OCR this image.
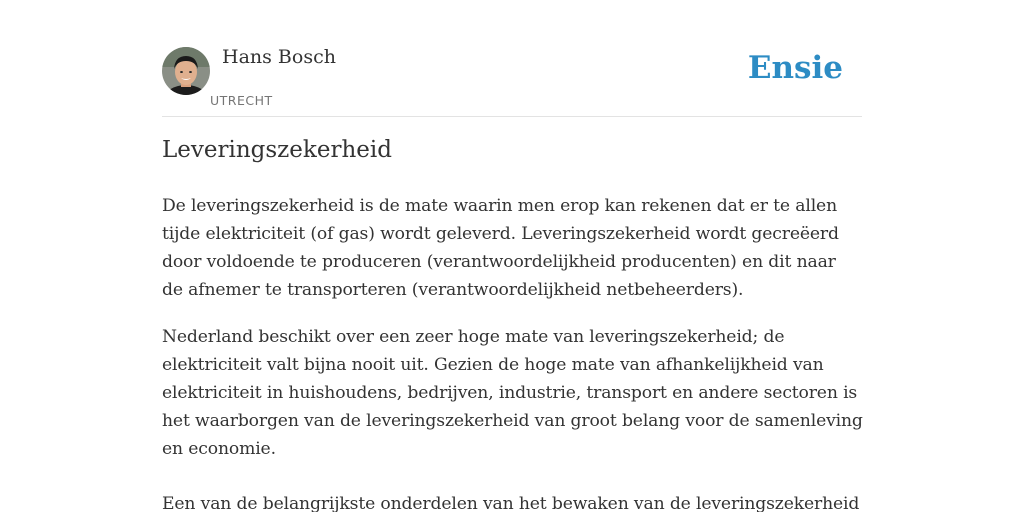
Hans Bosch
UTRECHT
Ensie
Leveringszekerheid

De leveringszekerheid is de mate waarin men erop kan rekenen dat er te allen
tijde elektriciteit (of gas) wordt geleverd. Leveringszekerheid wordt gecreëerd
door voldoende te produceren (verantwoordelijkheid producenten) en dit naar
de afnemer te transporteren (verantwoordelijkheid netbeheerders).

Nederland beschikt over een zeer hoge mate van leveringszekerheid; de
elektriciteit valt bijna nooit uit. Gezien de hoge mate van afhankelijkheid van
elektriciteit in huishoudens, bedrijven, industrie, transport en andere sectoren is
het waarborgen van de leveringszekerheid van groot belang voor de samenleving
en economie.

Een van de belangrijkste onderdelen van het bewaken van de leveringszekerheid
